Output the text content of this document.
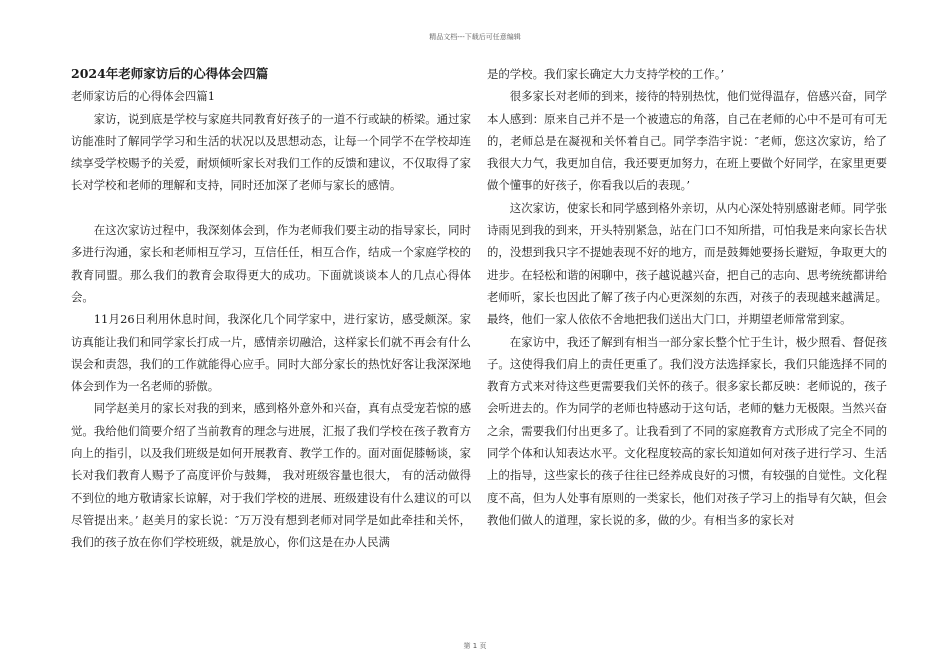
精品文档---下载后可任意编辑
2024年老师家访后的心得体会四篇
老师家访后的心得体会四篇1

家访，说到底是学校与家庭共同教育好孩子的一道不行或缺的桥梁。通过家访能准时了解同学学习和生活的状况以及思想动态，让每一个同学不在学校却连续享受学校赐予的关爱，耐烦倾听家长对我们工作的反馈和建议，不仅取得了家长对学校和老师的理解和支持，同时还加深了老师与家长的感情。

在这次家访过程中，我深刻体会到，作为老师我们要主动的指导家长，同时多进行沟通，家长和老师相互学习，互信任任，相互合作，结成一个家庭学校的教育同盟。那么我们的教育会取得更大的成功。下面就谈谈本人的几点心得体会。

11月26日利用休息时间，我深化几个同学家中，进行家访，感受颇深。家访真能让我们和同学家长打成一片，感情亲切融洽，这样家长们就不再会有什么误会和责怨，我们的工作就能得心应手。同时大部分家长的热忱好客让我深深地体会到作为一名老师的骄傲。

同学赵美月的家长对我的到来，感到格外意外和兴奋，真有点受宠若惊的感觉。我给他们简要介绍了当前教育的理念与进展，汇报了我们学校在孩子教育方向上的指引，以及我们班级是如何开展教育、教学工作的。面对面促膝畅谈，家长对我们教育人赐予了高度评价与鼓舞， 我对班级容量也很大， 有的活动做得不到位的地方敬请家长谅解，对于我们学校的进展、班级建设有什么建议的可以尽管提出来。’ 赵美月的家长说：″万万没有想到老师对同学是如此牵挂和关怀，我们的孩子放在你们学校班级，就是放心，你们这是在办人民满

是的学校。我们家长确定大力支持学校的工作。’

很多家长对老师的到来，接待的特别热忱，他们觉得温存，倍感兴奋，同学本人感到：原来自己并不是一个被遗忘的角落，自己在老师的心中不是可有可无的，老师总是在凝视和关怀着自己。同学李浩宇说：″老师，您这次家访，给了我很大力气，我更加自信，我还要更加努力，在班上要做个好同学，在家里更要做个懂事的好孩子，你看我以后的表现。’

这次家访，使家长和同学感到格外亲切，从内心深处特别感谢老师。同学张诗雨见到我的到来，开头特别紧急，站在门口不知所措，可怕我是来向家长告状的，没想到我只字不提她表现不好的地方，而是鼓舞她要扬长避短，争取更大的进步。在轻松和谐的闲聊中，孩子越说越兴奋，把自己的志向、思考统统都讲给老师听，家长也因此了解了孩子内心更深刻的东西，对孩子的表现越来越满足。最终，他们一家人依依不舍地把我们送出大门口，并期望老师常常到家。

在家访中，我还了解到有相当一部分家长整个忙于生计，极少照看、督促孩子。这使得我们肩上的责任更重了。我们没方法选择家长，我们只能选择不同的教育方式来对待这些更需要我们关怀的孩子。很多家长都反映：老师说的，孩子会听进去的。作为同学的老师也特感动于这句话，老师的魅力无极限。当然兴奋之余，需要我们付出更多了。让我看到了不同的家庭教育方式形成了完全不同的同学个体和认知表达水平。文化程度较高的家长知道如何对孩子进行学习、生活上的指导，这些家长的孩子往往已经养成良好的习惯，有较强的自觉性。文化程度不高，但为人处事有原则的一类家长，他们对孩子学习上的指导有欠缺，但会教他们做人的道理，家长说的多，做的少。有相当多的家长对

第 1 页
